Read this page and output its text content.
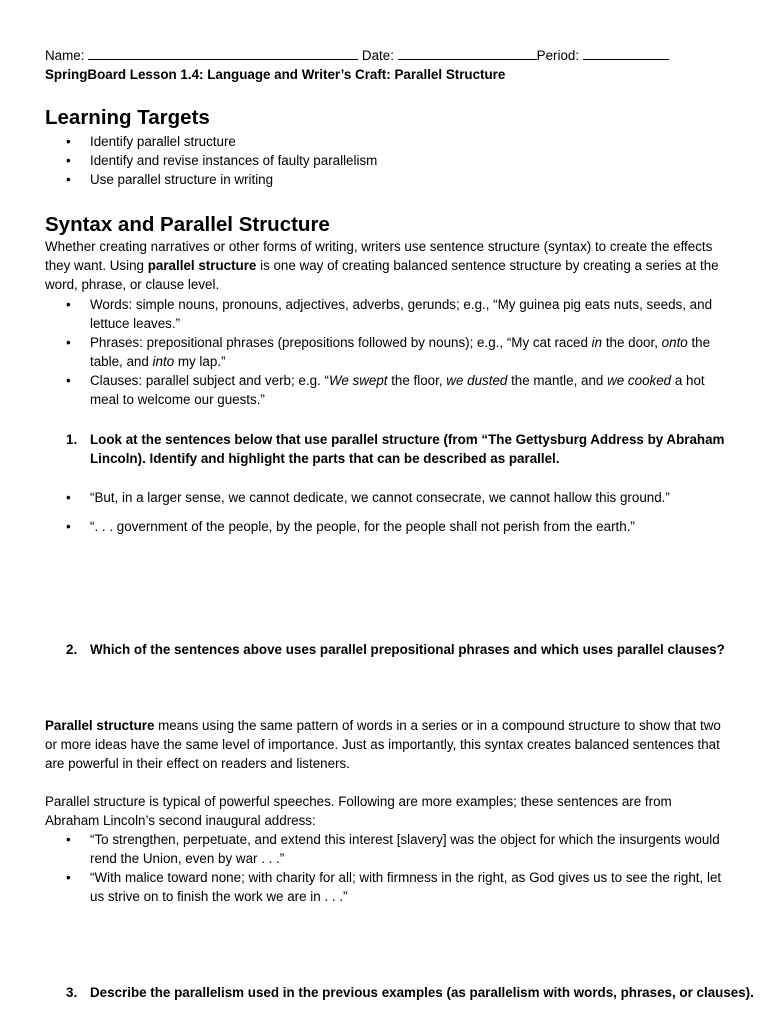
Name:	Date:	Period:
SpringBoard Lesson 1.4: Language and Writer’s Craft: Parallel Structure
Learning Targets
• Identify parallel structure
• Identify and revise instances of faulty parallelism
• Use parallel structure in writing
Syntax and Parallel Structure

Whether creating narratives or other forms of writing, writers use sentence structure (syntax) to create the effects they want. Using parallel structure is one way of creating balanced sentence structure by creating a series at the word, phrase, or clause level.

• Words: simple nouns, pronouns, adjectives, adverbs, gerunds; e.g., “My guinea pig eats nuts, seeds, and lettuce leaves.”
• Phrases: prepositional phrases (prepositions followed by nouns); e.g., “My cat raced in the door, onto the table, and into my lap.”
• Clauses: parallel subject and verb; e.g. “We swept the floor, we dusted the mantle, and we cooked a hot meal to welcome our guests.”
1. Look at the sentences below that use parallel structure (from “The Gettysburg Address by Abraham Lincoln). Identify and highlight the parts that can be described as parallel.
• “But, in a larger sense, we cannot dedicate, we cannot consecrate, we cannot hallow this ground.”
• “. . . government of the people, by the people, for the people shall not perish from the earth.”
2. Which of the sentences above uses parallel prepositional phrases and which uses parallel clauses?

Parallel structure means using the same pattern of words in a series or in a compound structure to show that two or more ideas have the same level of importance. Just as importantly, this syntax creates balanced sentences that are powerful in their effect on readers and listeners.

Parallel structure is typical of powerful speeches. Following are more examples; these sentences are from Abraham Lincoln’s second inaugural address:

• “To strengthen, perpetuate, and extend this interest [slavery] was the object for which the insurgents would rend the Union, even by war . . .”
• “With malice toward none; with charity for all; with firmness in the right, as God gives us to see the right, let us strive on to finish the work we are in . . .”
3. Describe the parallelism used in the previous examples (as parallelism with words, phrases, or clauses).
